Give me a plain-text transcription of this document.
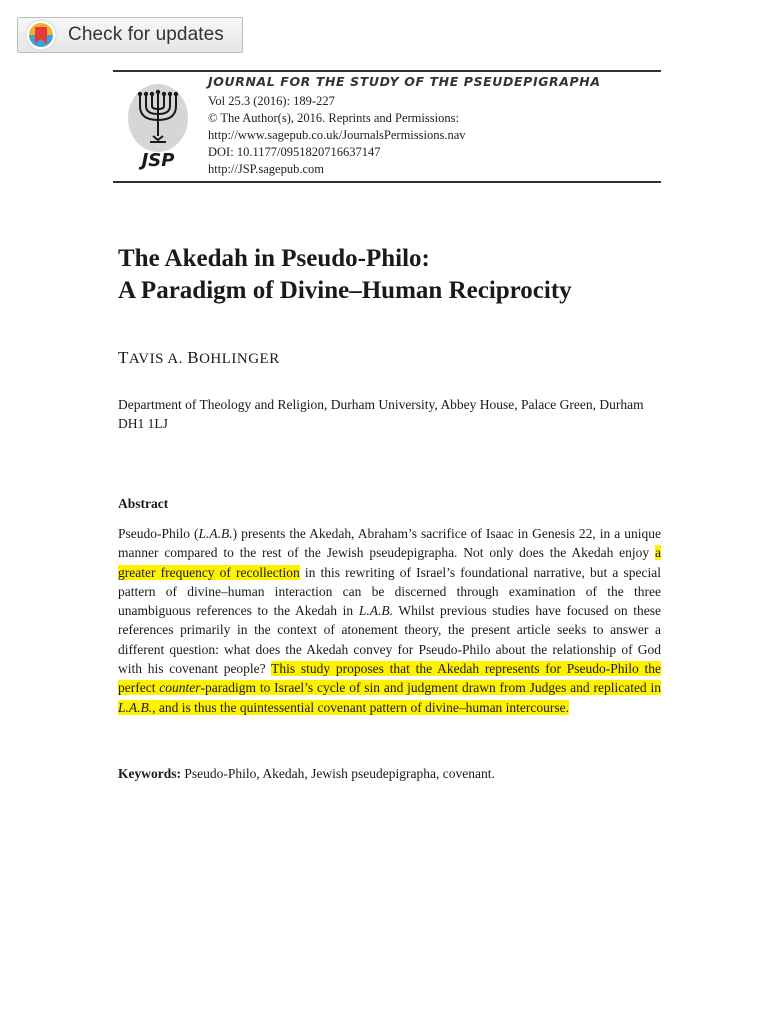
Check for updates
JSP
JOURNAL FOR THE STUDY OF THE PSEUDEPIGRAPHA
Vol 25.3 (2016): 189-227
© The Author(s), 2016. Reprints and Permissions:
http://www.sagepub.co.uk/JournalsPermissions.nav
DOI: 10.1177/0951820716637147
http://JSP.sagepub.com
The Akedah in Pseudo-Philo:
A Paradigm of Divine–Human Reciprocity
TAVIS A. BOHLINGER
Department of Theology and Religion, Durham University, Abbey House, Palace Green, Durham DH1 1LJ
Abstract
Pseudo-Philo (L.A.B.) presents the Akedah, Abraham’s sacrifice of Isaac in Genesis 22, in a unique manner compared to the rest of the Jewish pseudepigrapha. Not only does the Akedah enjoy a greater frequency of recollection in this rewriting of Israel’s foundational narrative, but a special pattern of divine–human interaction can be discerned through examination of the three unambiguous references to the Akedah in L.A.B. Whilst previous studies have focused on these references primarily in the context of atonement theory, the present article seeks to answer a different question: what does the Akedah convey for Pseudo-Philo about the relationship of God with his covenant people? This study proposes that the Akedah represents for Pseudo-Philo the perfect counter-paradigm to Israel’s cycle of sin and judgment drawn from Judges and replicated in L.A.B., and is thus the quintessential covenant pattern of divine–human intercourse.
Keywords: Pseudo-Philo, Akedah, Jewish pseudepigrapha, covenant.
